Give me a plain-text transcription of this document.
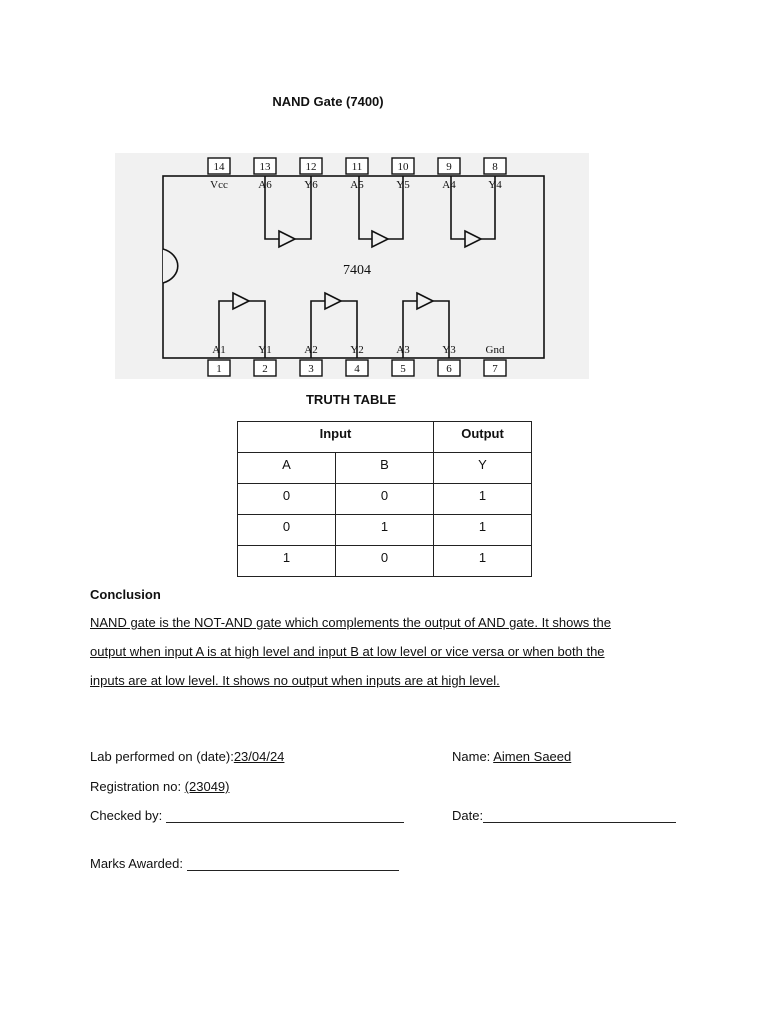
NAND Gate (7400)
7404
14
Vcc
13
A6
12
Y6
11
A5
10
Y5
9
A4
8
Y4
1
A1
2
Y1
3
A2
4
Y2
5
A3
6
Y3
7
Gnd
TRUTH TABLE
Input		Output
A	B	Y
0	0	1
0	1	1
1	0	1
Conclusion
NAND gate is the NOT-AND gate which complements the output of AND gate. It shows the
output when input A is at high level and input B at low level or vice versa or when both the
inputs are at low level. It shows no output when inputs are at high level.
Lab performed on (date):23/04/24	Name: Aimen Saeed
Registration no: (23049)
Checked by:	Date:
Marks Awarded:
